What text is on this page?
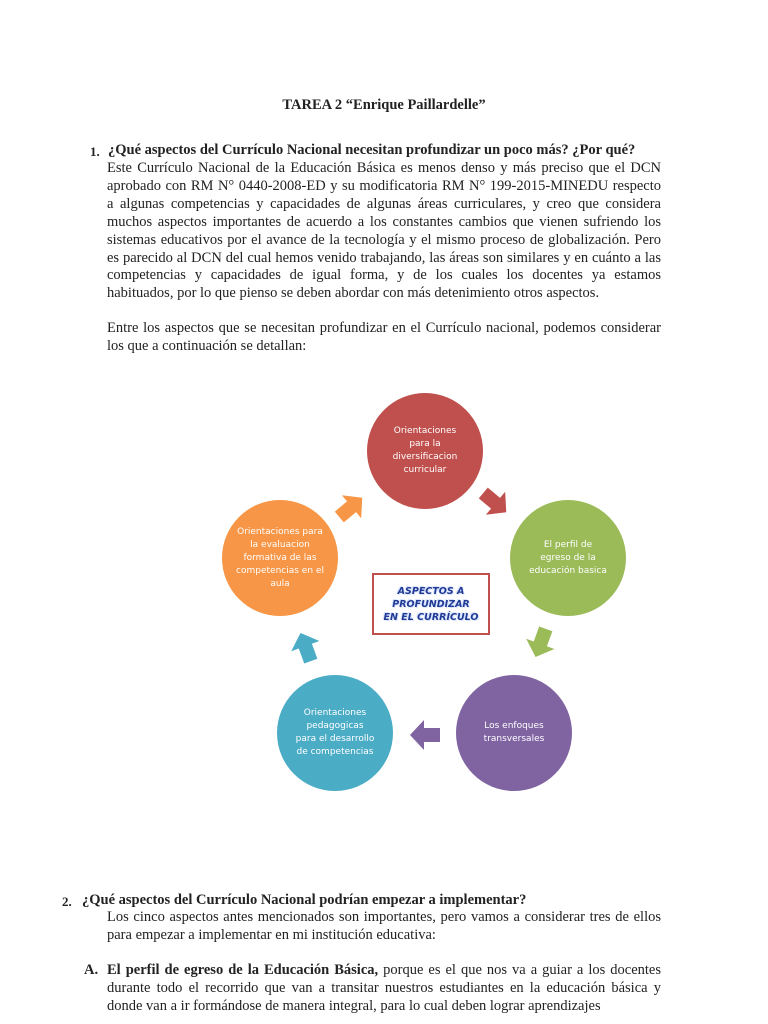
TAREA 2 “Enrique Paillardelle”
1. ¿Qué aspectos del Currículo Nacional necesitan profundizar un poco más? ¿Por qué?

Este Currículo Nacional de la Educación Básica es menos denso y más preciso que el DCN aprobado con RM N° 0440-2008-ED y su modificatoria RM N° 199-2015-MINEDU respecto a algunas competencias y capacidades de algunas áreas curriculares, y creo que considera muchos aspectos importantes de acuerdo a los constantes cambios que vienen sufriendo los sistemas educativos por el avance de la tecnología y el mismo proceso de globalización. Pero es parecido al DCN del cual hemos venido trabajando, las áreas son similares y en cuánto a las competencias y capacidades de igual forma, y de los cuales los docentes ya estamos habituados, por lo que pienso se deben abordar con más detenimiento otros aspectos.

Entre los aspectos que se necesitan profundizar en el Currículo nacional, podemos considerar los que a continuación se detallan:

Orientaciones para la diversificacion curricular
El perfil de egreso de la educación basica
Los enfoques transversales
Orientaciones pedagogicas para el desarrollo de competencias
Orientaciones para la evaluacion formativa de las competencias en el aula
ASPECTOS A
PROFUNDIZAR
EN EL CURRÍCULO
2. ¿Qué aspectos del Currículo Nacional podrían empezar a implementar?

Los cinco aspectos antes mencionados son importantes, pero vamos a considerar tres de ellos para empezar a implementar en mi institución educativa:

A. El perfil de egreso de la Educación Básica, porque es el que nos va a guiar a los docentes durante todo el recorrido que van a transitar nuestros estudiantes en la educación básica y donde van a ir formándose de manera integral, para lo cual deben lograr aprendizajes
